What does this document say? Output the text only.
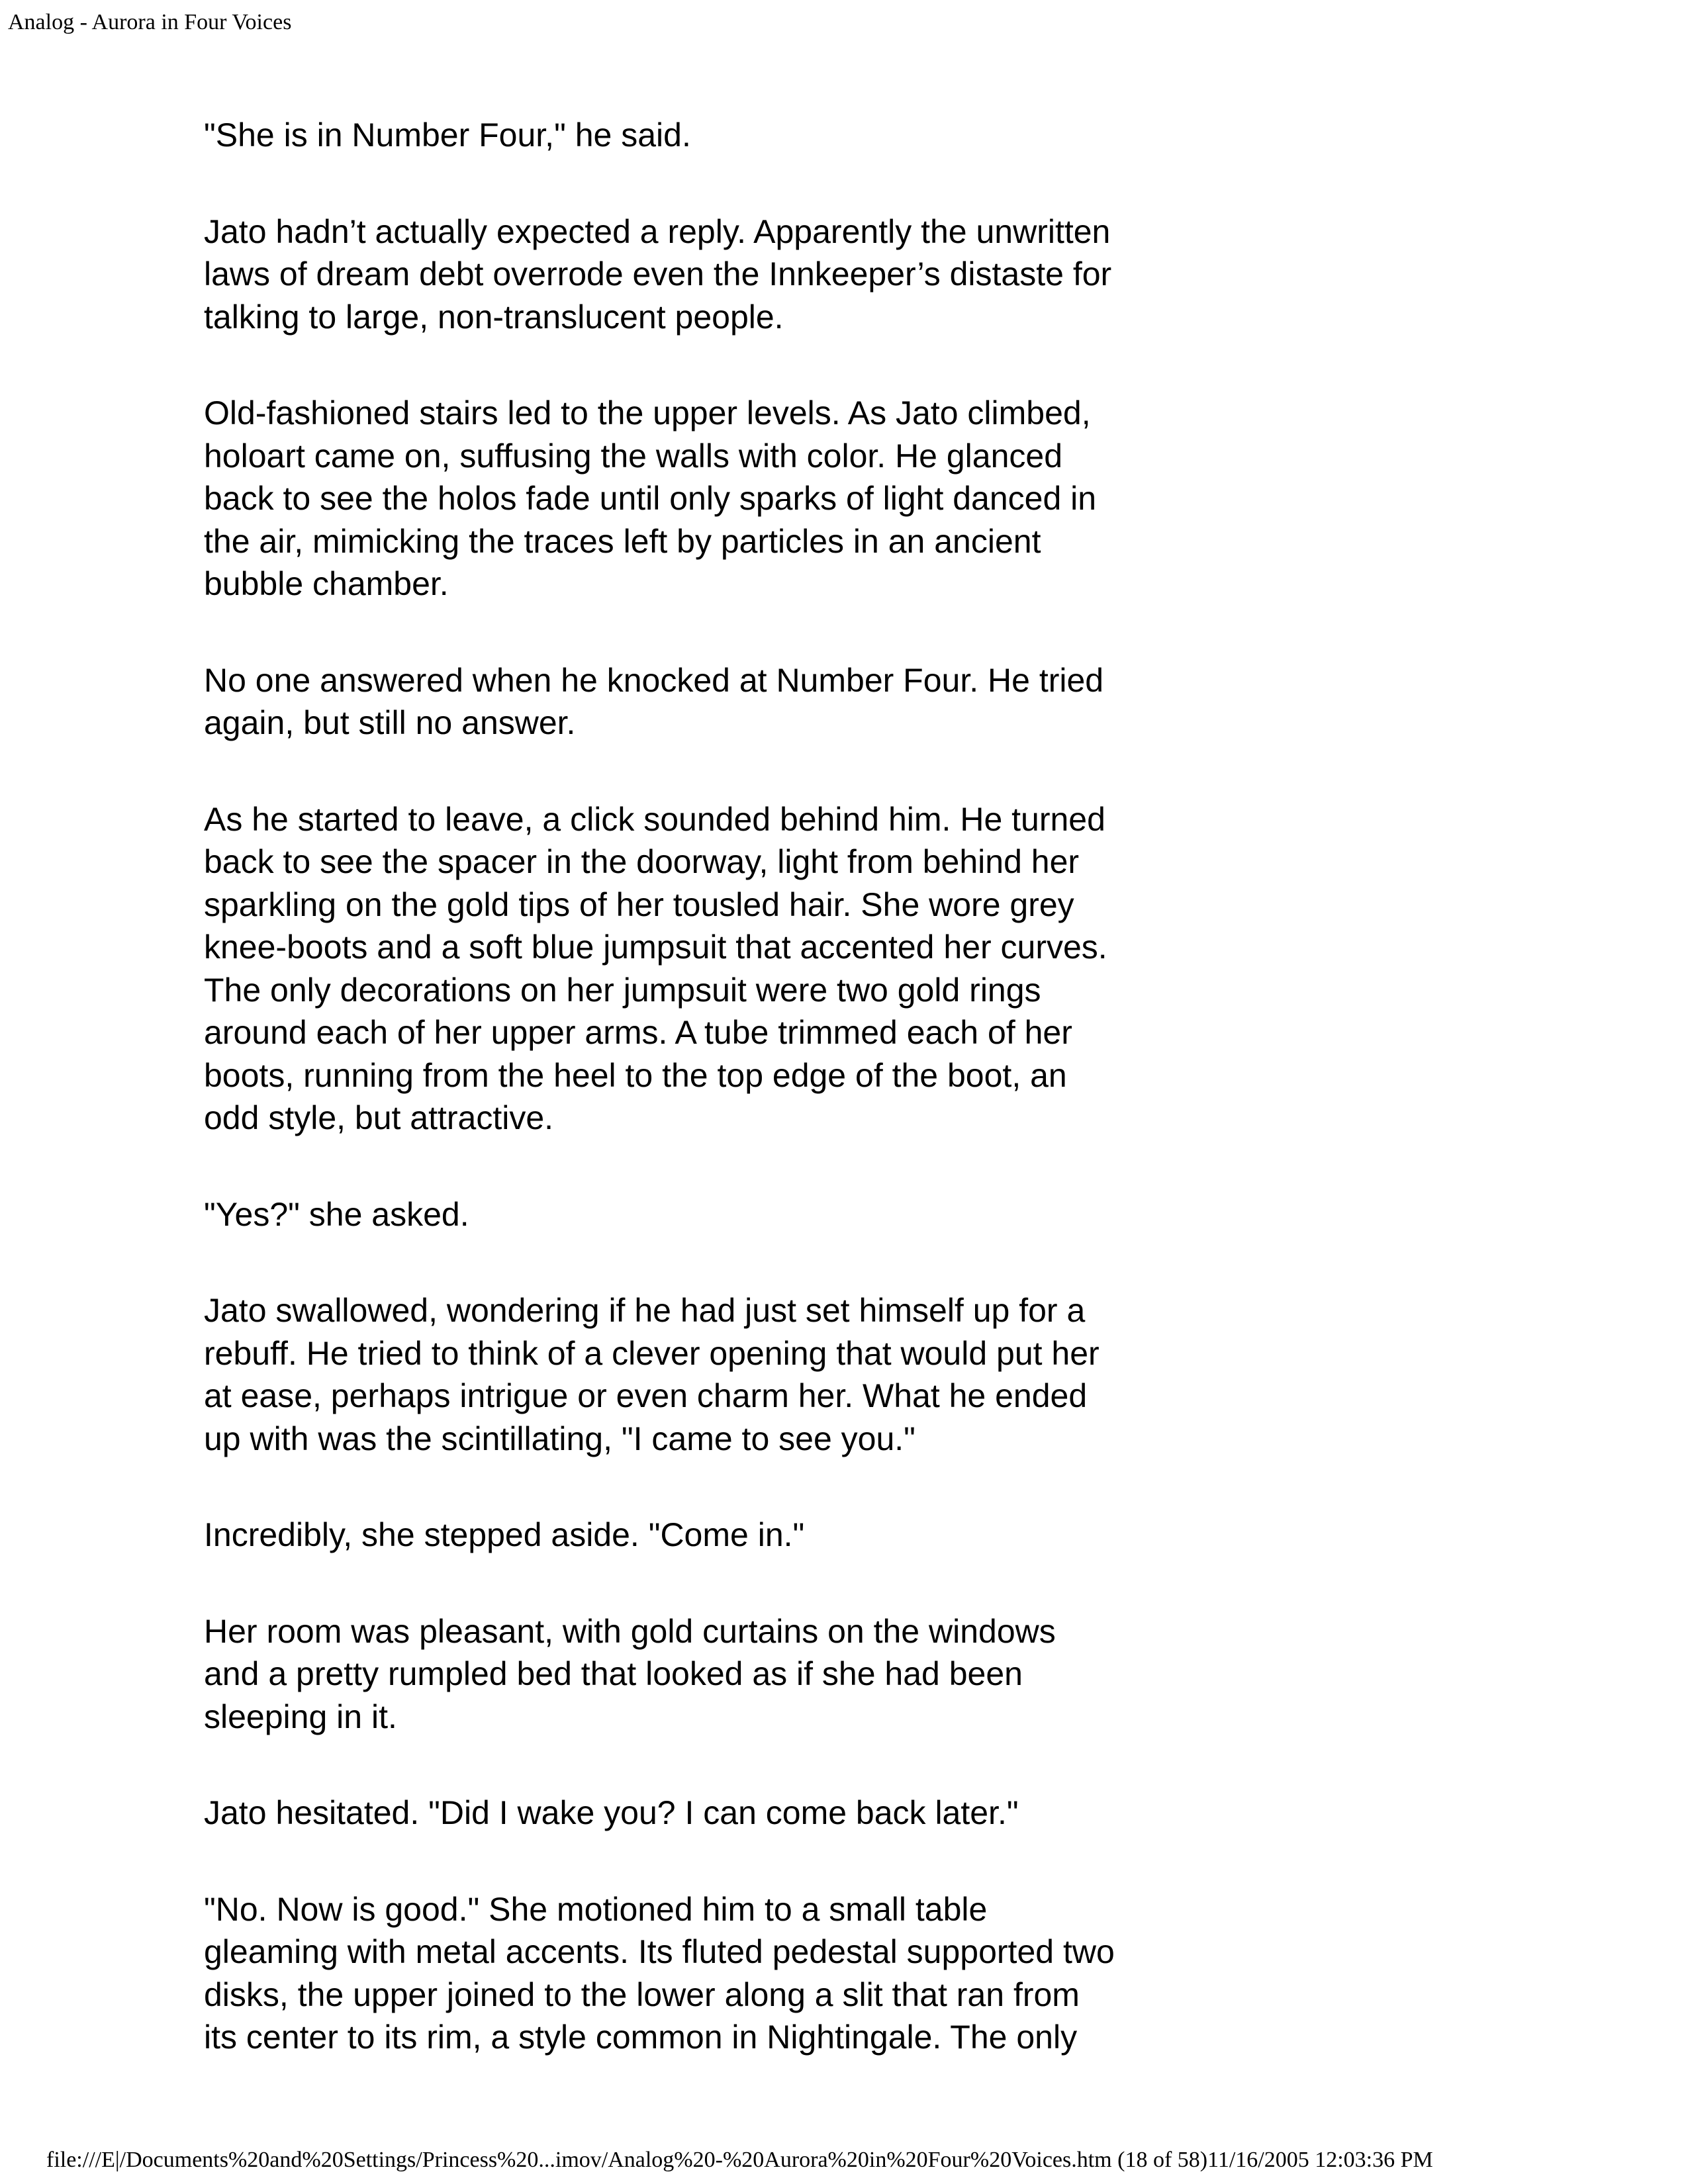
Analog - Aurora in Four Voices

"She is in Number Four," he said.

Jato hadn’t actually expected a reply. Apparently the unwritten
laws of dream debt overrode even the Innkeeper’s distaste for
talking to large, non-translucent people.

Old-fashioned stairs led to the upper levels. As Jato climbed,
holoart came on, suffusing the walls with color. He glanced
back to see the holos fade until only sparks of light danced in
the air, mimicking the traces left by particles in an ancient
bubble chamber.

No one answered when he knocked at Number Four. He tried
again, but still no answer.

As he started to leave, a click sounded behind him. He turned
back to see the spacer in the doorway, light from behind her
sparkling on the gold tips of her tousled hair. She wore grey
knee-boots and a soft blue jumpsuit that accented her curves.
The only decorations on her jumpsuit were two gold rings
around each of her upper arms. A tube trimmed each of her
boots, running from the heel to the top edge of the boot, an
odd style, but attractive.

"Yes?" she asked.

Jato swallowed, wondering if he had just set himself up for a
rebuff. He tried to think of a clever opening that would put her
at ease, perhaps intrigue or even charm her. What he ended
up with was the scintillating, "I came to see you."

Incredibly, she stepped aside. "Come in."

Her room was pleasant, with gold curtains on the windows
and a pretty rumpled bed that looked as if she had been
sleeping in it.

Jato hesitated. "Did I wake you? I can come back later."

"No. Now is good." She motioned him to a small table
gleaming with metal accents. Its fluted pedestal supported two
disks, the upper joined to the lower along a slit that ran from
its center to its rim, a style common in Nightingale. The only

file:///E|/Documents%20and%20Settings/Princess%20...imov/Analog%20-%20Aurora%20in%20Four%20Voices.htm (18 of 58)11/16/2005 12:03:36 PM
